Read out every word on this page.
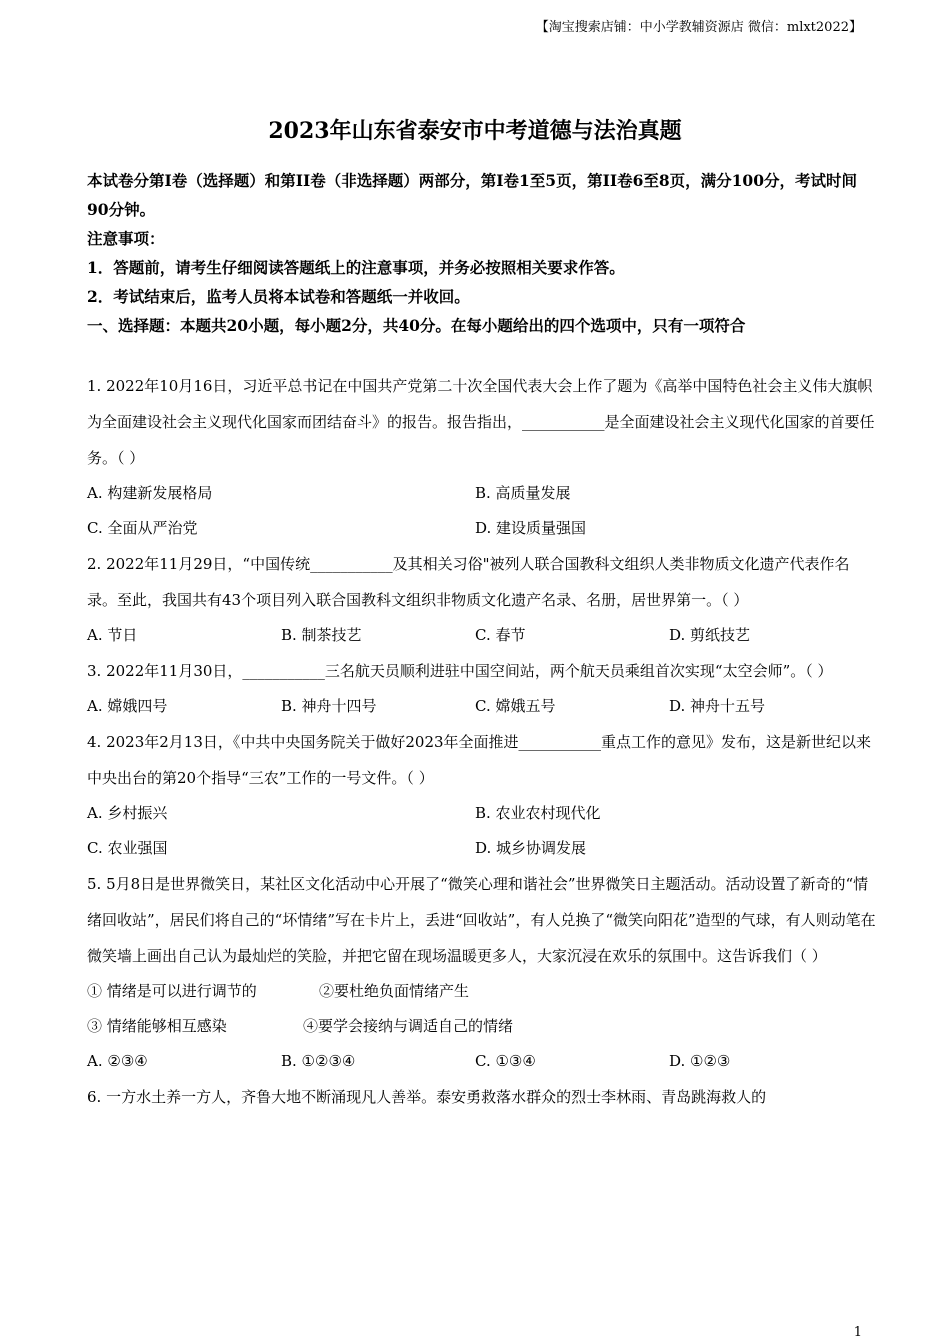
【淘宝搜索店铺：中小学教辅资源店 微信：mlxt2022】
2023年山东省泰安市中考道德与法治真题

本试卷分第Ⅰ卷（选择题）和第II卷（非选择题）两部分，第I卷1至5页，第II卷6至8页，满分100分，考试时间90分钟。

注意事项：

1．答题前，请考生仔细阅读答题纸上的注意事项，并务必按照相关要求作答。

2．考试结束后，监考人员将本试卷和答题纸一并收回。

一、选择题：本题共20小题，每小题2分，共40分。在每小题给出的四个选项中，只有一项符合

1. 2022年10月16日，习近平总书记在中国共产党第二十次全国代表大会上作了题为《高举中国特色社会主义伟大旗帜为全面建设社会主义现代化国家而团结奋斗》的报告。报告指出，___________是全面建设社会主义现代化国家的首要任务。（ ）

A. 构建新发展格局	B. 高质量发展
C. 全面从严治党	D. 建设质量强国

2. 2022年11月29日，“中国传统___________及其相关习俗"被列人联合国教科文组织人类非物质文化遗产代表作名录。至此，我国共有43个项目列入联合国教科文组织非物质文化遗产名录、名册，居世界第一。（ ）

A. 节日	B. 制茶技艺	C. 春节	D. 剪纸技艺

3. 2022年11月30日，___________三名航天员顺利进驻中国空间站，两个航天员乘组首次实现“太空会师”。（ ）

A. 嫦娥四号	B. 神舟十四号	C. 嫦娥五号	D. 神舟十五号

4. 2023年2月13日，《中共中央国务院关于做好2023年全面推进___________重点工作的意见》发布，这是新世纪以来中央出台的第20个指导“三农”工作的一号文件。（ ）

A. 乡村振兴	B. 农业农村现代化
C. 农业强国	D. 城乡协调发展

5. 5月8日是世界微笑日，某社区文化活动中心开展了“微笑心理和谐社会”世界微笑日主题活动。活动设置了新奇的“情绪回收站”，居民们将自己的“坏情绪”写在卡片上，丢进“回收站”，有人兑换了“微笑向阳花”造型的气球，有人则动笔在微笑墙上画出自己认为最灿烂的笑脸，并把它留在现场温暖更多人，大家沉浸在欢乐的氛围中。这告诉我们（ ）

① 情绪是可以进行调节的	②要杜绝负面情绪产生
③ 情绪能够相互感染	④要学会接纳与调适自己的情绪
A. ②③④	B. ①②③④	C. ①③④	D. ①②③

6. 一方水土养一方人，齐鲁大地不断涌现凡人善举。泰安勇救落水群众的烈士李林雨、青岛跳海救人的

1
